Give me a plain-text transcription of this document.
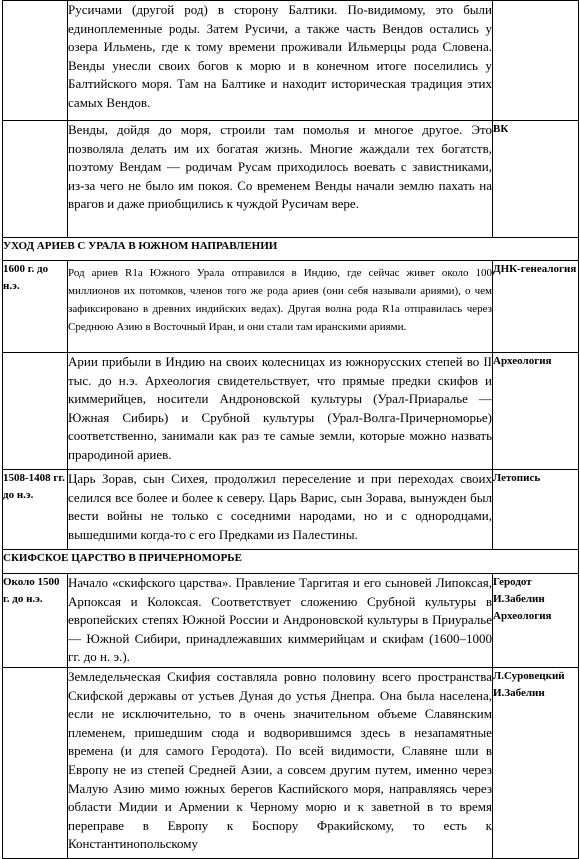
	Русичами (другой род) в сторону Балтики. По-видимому, это были единоплеменные роды. Затем Русичи, а также часть Вендов остались у озера Ильмень, где к тому времени проживали Ильмерцы рода Словена. Венды унесли своих богов к морю и в конечном итоге поселились у Балтийского моря. Там на Балтике и находит историческая традиция этих самых Вендов.	
	Венды, дойдя до моря, строили там помолья и многое другое. Это позволяла делать им их богатая жизнь. Многие жаждали тех богатств, поэтому Вендам — родичам Русам приходилось воевать с завистниками, из-за чего не было им покоя. Со временем Венды начали землю пахать на врагов и даже приобщились к чуждой Русичам вере.	ВК
УХОД АРИЕВ С УРАЛА В ЮЖНОМ НАПРАВЛЕНИИ		
1600 г. до н.э.	Род ариев R1a Южного Урала отправился в Индию, где сейчас живет около 100 миллионов их потомков, членов того же рода ариев (они себя называли ариями), о чем зафиксировано в древних индийских ведах). Другая волна рода R1a отправилась через Среднюю Азию в Восточный Иран, и они стали там иранскими ариями.	ДНК-генеалогия
	Арии прибыли в Индию на своих колесницах из южнорусских степей во II тыс. до н.э. Археология свидетельствует, что прямые предки скифов и киммерийцев, носители Андроновской культуры (Урал-Приаралье — Южная Сибирь) и Срубной культуры (Урал-Волга-Причерноморье) соответственно, занимали как раз те самые земли, которые можно назвать прародиной ариев.	Археология
1508-1408 гг. до н.э.	Царь Зорав, сын Сихея, продолжил переселение и при переходах своих селился все более и более к северу. Царь Варис, сын Зорава, вынужден был вести войны не только с соседними народами, но и с однородцами, вышедшими когда-то с его Предками из Палестины.	Летопись
СКИФСКОЕ ЦАРСТВО В ПРИЧЕРНОМОРЬЕ		
Около 1500 г. до н.э.	Начало «скифского царства». Правление Таргитая и его сыновей Липоксая, Арпоксая и Колоксая. Соответствует сложению Срубной культуры в европейских степях Южной России и Андроновской культуры в Приуралье — Южной Сибири, принадлежавших киммерийцам и скифам (1600–1000 гг. до н. э.).	Геродот И.Забелин Археология
	Земледельческая Скифия составляла ровно половину всего пространства Скифской державы от устьев Дуная до устья Днепра. Она была населена, если не исключительно, то в очень значительном объеме Славянским племенем, пришедшим сюда и водворившимся здесь в незапамятные времена (и для самого Геродота). По всей видимости, Славяне шли в Европу не из степей Средней Азии, а совсем другим путем, именно через Малую Азию мимо южных берегов Каспийского моря, направляясь через области Мидии и Армении к Черному морю и к заветной в то время переправе в Европу к Боспору Фракийскому, то есть к Константинопольскому	Л.Суровецкий И.Забелин
